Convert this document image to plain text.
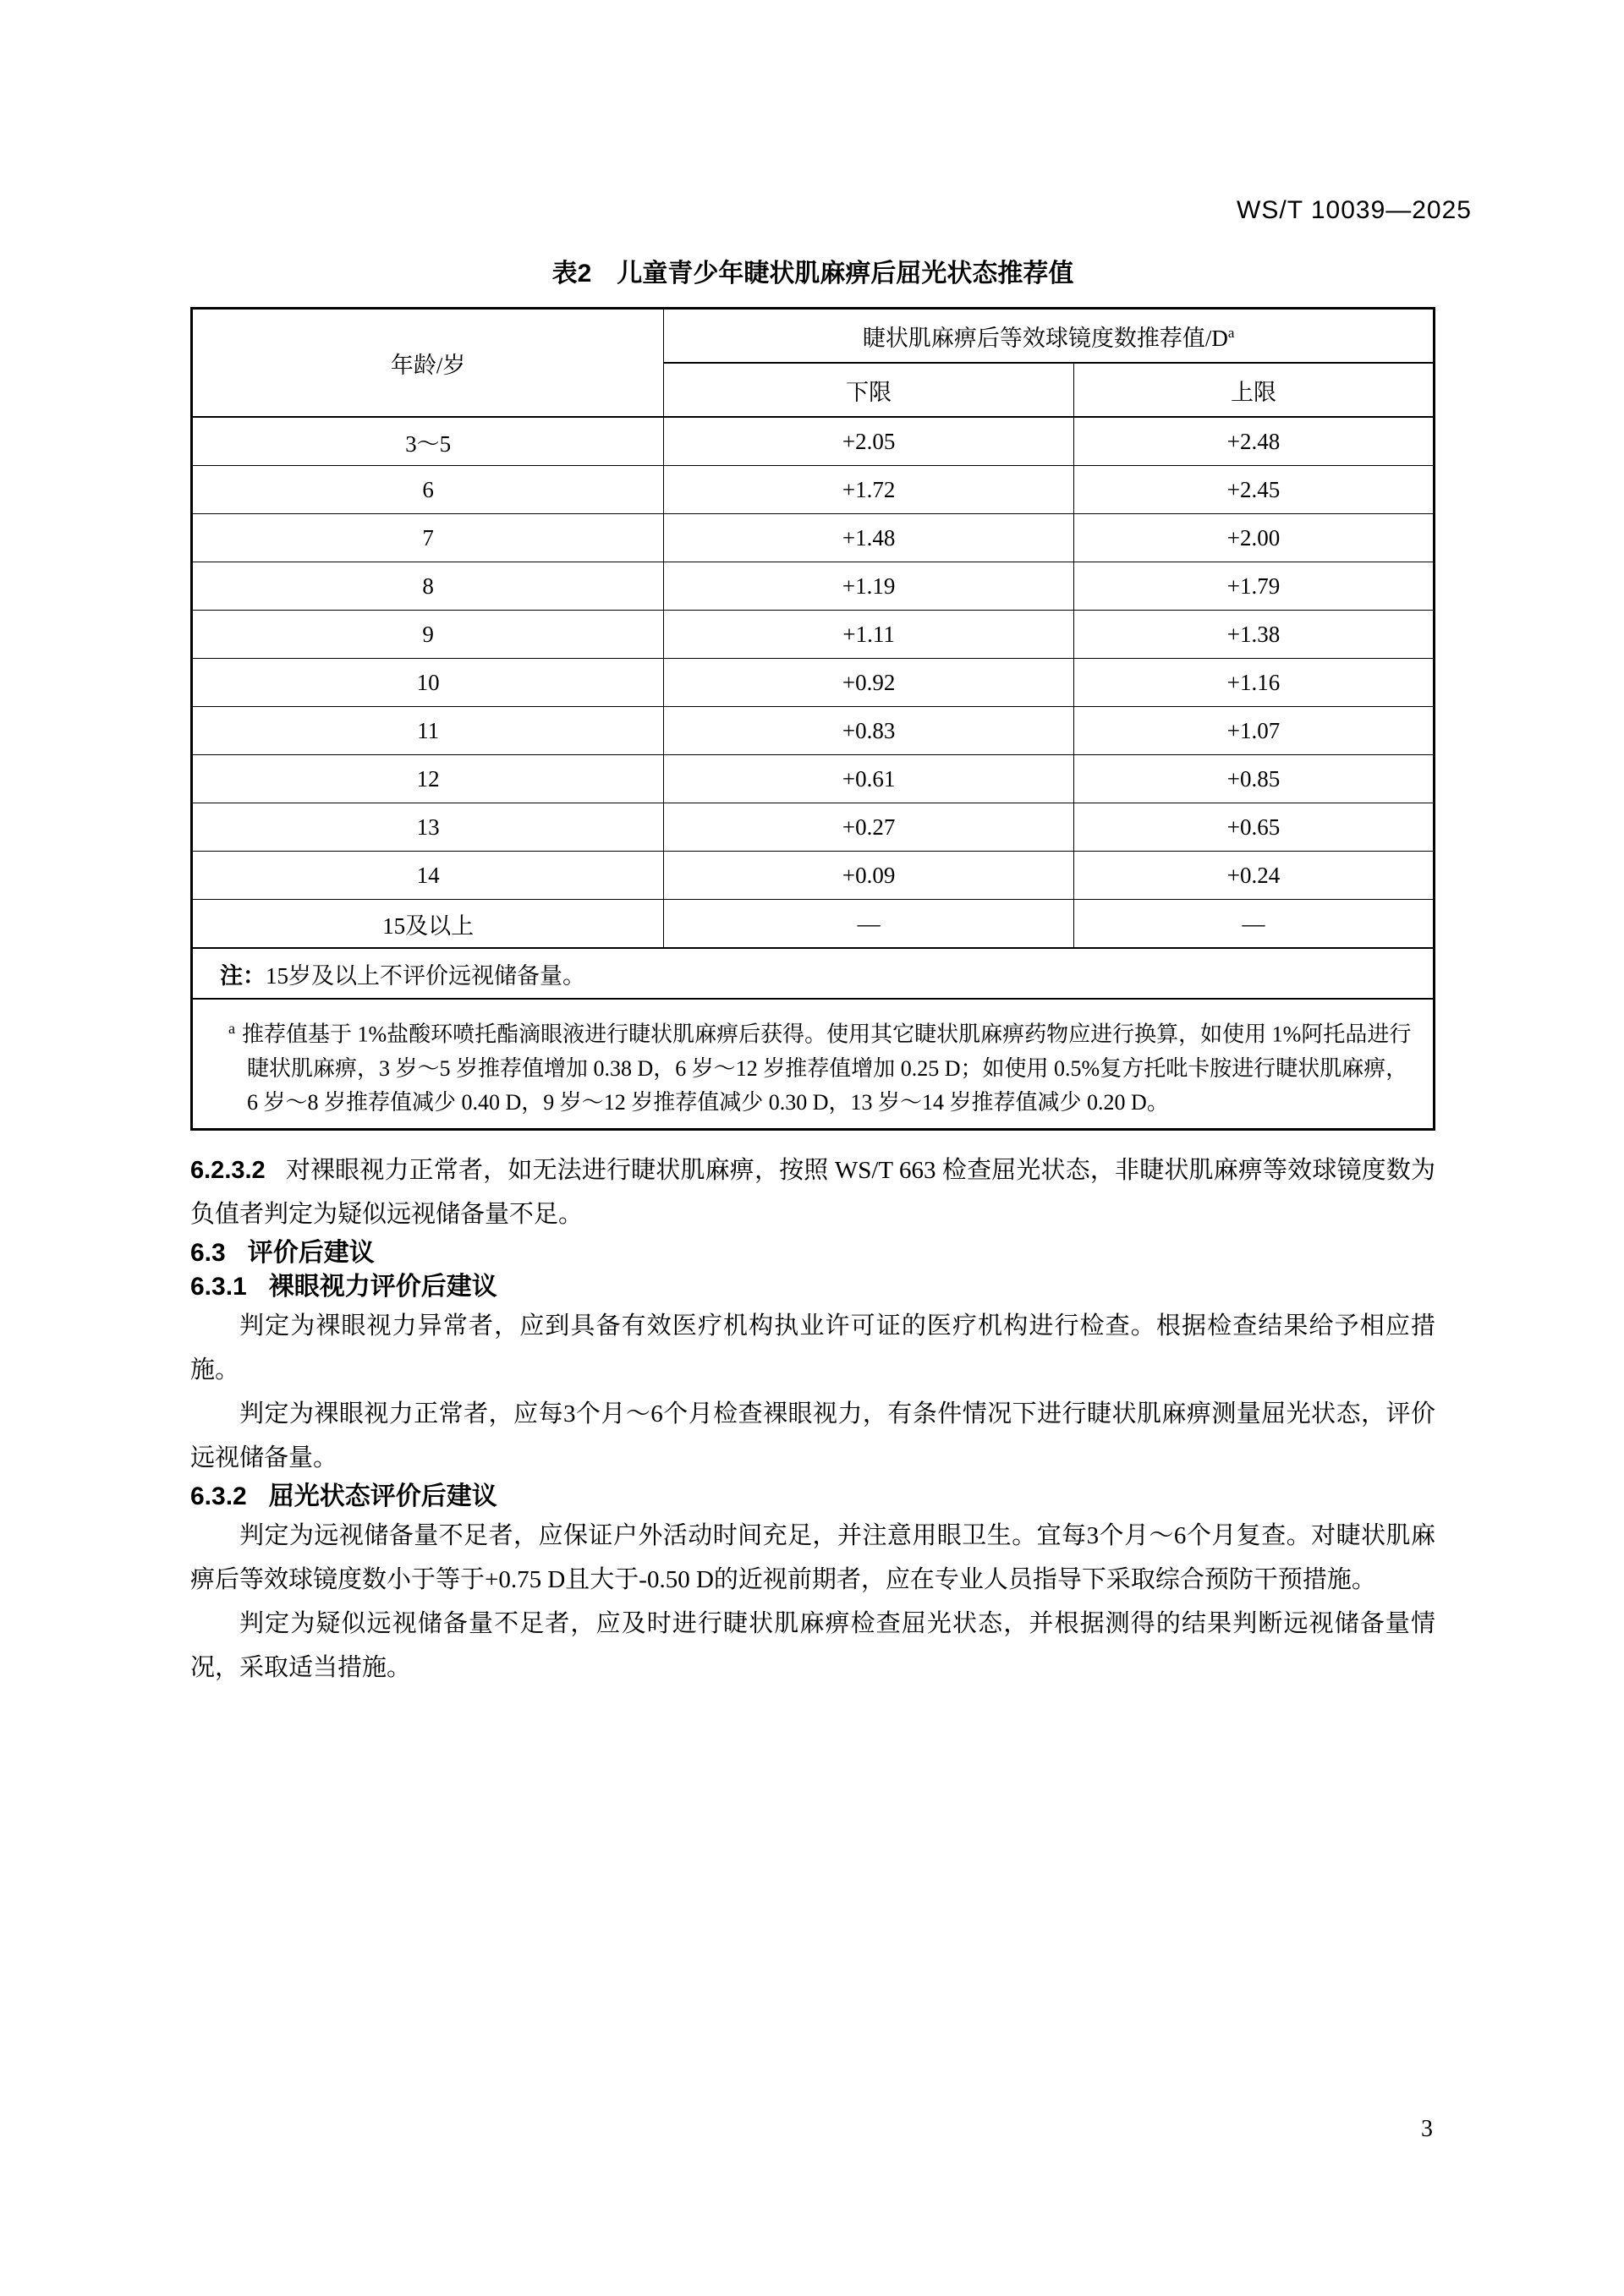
WS/T 10039—2025
表2　儿童青少年睫状肌麻痹后屈光状态推荐值
年龄/岁	睫状肌麻痹后等效球镜度数推荐值$/D^a$
	下限	上限
3～5	+2.05	+2.48
6	+1.72	+2.45
7	+1.48	+2.00
8	+1.19	+1.79
9	+1.11	+1.38
10	+0.92	+1.16
11	+0.83	+1.07
12	+0.61	+0.85
13	+0.27	+0.65
14	+0.09	+0.24
15及以上	—	—
注：15岁及以上不评价远视储备量。		
a 推荐值基于 1%盐酸环喷托酯滴眼液进行睫状肌麻痹后获得。使用其它睫状肌麻痹药物应进行换算，如使用 1%阿托品进行睫状肌麻痹，3 岁～5 岁推荐值增加 0.38 D，6 岁～12 岁推荐值增加 0.25 D；如使用 0.5%复方托吡卡胺进行睫状肌麻痹，6 岁～8 岁推荐值减少 0.40 D，9 岁～12 岁推荐值减少 0.30 D，13 岁～14 岁推荐值减少 0.20 D。		

6.2.3.2 对裸眼视力正常者，如无法进行睫状肌麻痹，按照 WS/T 663 检查屈光状态，非睫状肌麻痹等效球镜度数为负值者判定为疑似远视储备量不足。

6.3 评价后建议

6.3.1 裸眼视力评价后建议

判定为裸眼视力异常者，应到具备有效医疗机构执业许可证的医疗机构进行检查。根据检查结果给予相应措施。

判定为裸眼视力正常者，应每3个月～6个月检查裸眼视力，有条件情况下进行睫状肌麻痹测量屈光状态，评价远视储备量。

6.3.2 屈光状态评价后建议

判定为远视储备量不足者，应保证户外活动时间充足，并注意用眼卫生。宜每3个月～6个月复查。对睫状肌麻痹后等效球镜度数小于等于+0.75 D且大于-0.50 D的近视前期者，应在专业人员指导下采取综合预防干预措施。

判定为疑似远视储备量不足者，应及时进行睫状肌麻痹检查屈光状态，并根据测得的结果判断远视储备量情况，采取适当措施。

3
